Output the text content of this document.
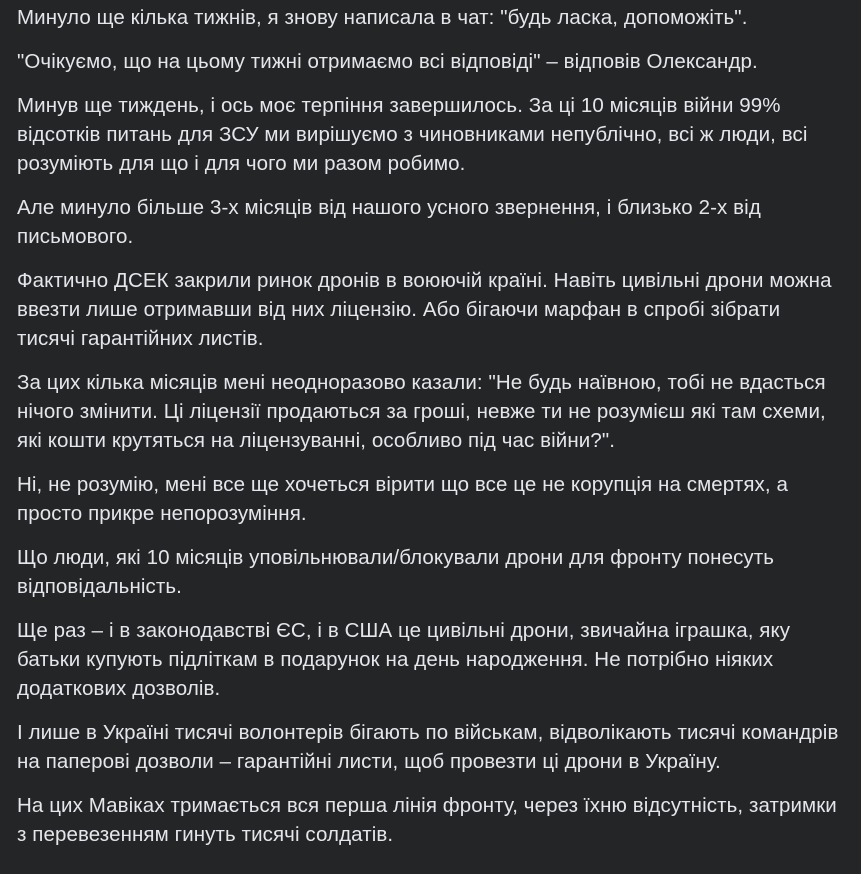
Минуло ще кілька тижнів, я знову написала в чат: "будь ласка, допоможіть".

"Очікуємо, що на цьому тижні отримаємо всі відповіді" – відповів Олександр.

Минув ще тиждень, і ось моє терпіння завершилось. За ці 10 місяців війни 99% відсотків питань для ЗСУ ми вирішуємо з чиновниками непублічно, всі ж люди, всі розуміють для що і для чого ми разом робимо.

Але минуло більше 3-х місяців від нашого усного звернення, і близько 2-х від письмового.

Фактично ДСЕК закрили ринок дронів в воюючій країні. Навіть цивільні дрони можна ввезти лише отримавши від них ліцензію. Або бігаючи марфан в спробі зібрати тисячі гарантійних листів.

За цих кілька місяців мені неодноразово казали: "Не будь наївною, тобі не вдасться нічого змінити. Ці ліцензії продаються за гроші, невже ти не розумієш які там схеми, які кошти крутяться на ліцензуванні, особливо під час війни?".

Ні, не розумію, мені все ще хочеться вірити що все це не корупція на смертях, а просто прикре непорозуміння.

Що люди, які 10 місяців уповільнювали/блокували дрони для фронту понесуть відповідальність.

Ще раз – і в законодавстві ЄС, і в США це цивільні дрони, звичайна іграшка, яку батьки купують підліткам в подарунок на день народження. Не потрібно ніяких додаткових дозволів.

І лише в Україні тисячі волонтерів бігають по військам, відволікають тисячі командрів на паперові дозволи – гарантійні листи, щоб провезти ці дрони в Україну.

На цих Мавіках тримається вся перша лінія фронту, через їхню відсутність, затримки з перевезенням гинуть тисячі солдатів.
